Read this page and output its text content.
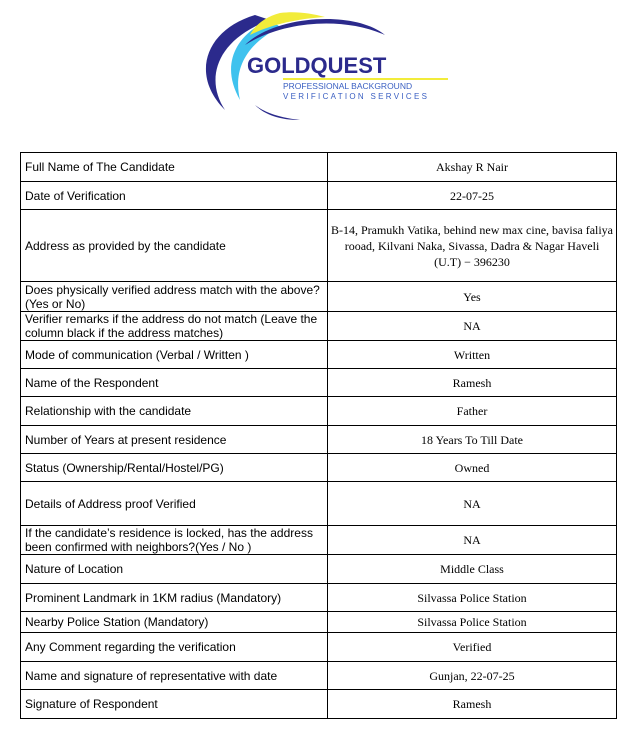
GOLDQUEST
PROFESSIONAL BACKGROUND
VERIFICATION SERVICES
Full Name of The Candidate	Akshay R Nair
Date of Verification	22-07-25
Address as provided by the candidate	B-14, Pramukh Vatika, behind new max cine, bavisa faliya rooad, Kilvani Naka, Sivassa, Dadra & Nagar Haveli (U.T) − 396230
Does physically verified address match with the above? (Yes or No)	Yes
Verifier remarks if the address do not match (Leave the column black if the address matches)	NA
Mode of communication (Verbal / Written )	Written
Name of the Respondent	Ramesh
Relationship with the candidate	Father
Number of Years at present residence	18 Years To Till Date
Status (Ownership/Rental/Hostel/PG)	Owned
Details of Address proof Verified	NA
If the candidate’s residence is locked, has the address been confirmed with neighbors?(Yes / No )	NA
Nature of Location	Middle Class
Prominent Landmark in 1KM radius (Mandatory)	Silvassa Police Station
Nearby Police Station (Mandatory)	Silvassa Police Station
Any Comment regarding the verification	Verified
Name and signature of representative with date	Gunjan, 22-07-25
Signature of Respondent	Ramesh
